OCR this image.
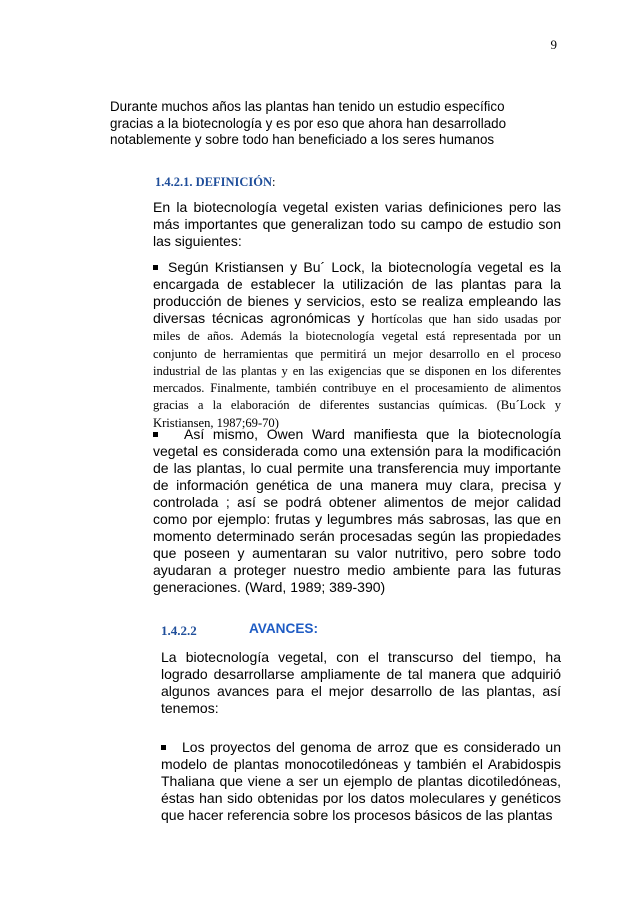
9

Durante muchos años las plantas han tenido un estudio específico gracias a la biotecnología y es por eso que ahora han desarrollado notablemente y sobre todo han beneficiado a los seres humanos

1.4.2.1. DEFINICIÓN:

En la biotecnología vegetal existen varias definiciones pero las más importantes que generalizan todo su campo de estudio son las siguientes:

Según Kristiansen y Bu´ Lock, la biotecnología vegetal es la encargada de establecer la utilización de las plantas para la producción de bienes y servicios, esto se realiza empleando las diversas técnicas agronómicas y hortícolas que han sido usadas por miles de años. Además la biotecnología vegetal está representada por un conjunto de herramientas que permitirá un mejor desarrollo en el proceso industrial de las plantas y en las exigencias que se disponen en los diferentes mercados. Finalmente, también contribuye en el procesamiento de alimentos gracias a la elaboración de diferentes sustancias químicas. (Bu´Lock y Kristiansen, 1987;69-70)

Así mismo, Owen Ward manifiesta que la biotecnología vegetal es considerada como una extensión para la modificación de las plantas, lo cual permite una transferencia muy importante de información genética de una manera muy clara, precisa y controlada ; así se podrá obtener alimentos de mejor calidad como por ejemplo: frutas y legumbres más sabrosas, las que en momento determinado serán procesadas según las propiedades que poseen y aumentaran su valor nutritivo, pero sobre todo ayudaran a proteger nuestro medio ambiente para las futuras generaciones. (Ward, 1989; 389-390)

1.4.2.2	AVANCES:

La biotecnología vegetal, con el transcurso del tiempo, ha logrado desarrollarse ampliamente de tal manera que adquirió algunos avances para el mejor desarrollo de las plantas, así tenemos:

Los proyectos del genoma de arroz que es considerado un modelo de plantas monocotiledóneas y también el Arabidospis Thaliana que viene a ser un ejemplo de plantas dicotiledóneas, éstas han sido obtenidas por los datos moleculares y genéticos que hacer referencia sobre los procesos básicos de las plantas
